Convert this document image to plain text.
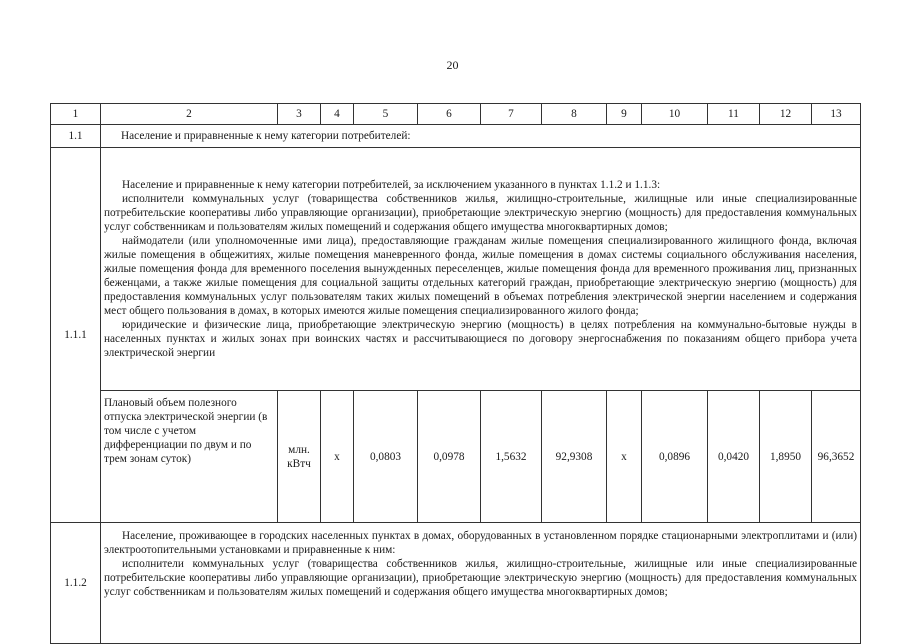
20
1	2	3	4	5	6	7	8	9	10	11	12	13
1.1	Население и приравненные к нему категории потребителей:											
1.1.1	Население и приравненные к нему категории потребителей, за исключением указанного в пунктах 1.1.2 и 1.1.3:

исполнители коммунальных услуг (товарищества собственников жилья, жилищно-строительные, жилищные или иные специализированные потребительские кооперативы либо управляющие организации), приобретающие электрическую энергию (мощность) для предоставления коммунальных услуг собственникам и пользователям жилых помещений и содержания общего имущества многоквартирных домов;

наймодатели (или уполномоченные ими лица), предоставляющие гражданам жилые помещения специализированного жилищного фонда, включая жилые помещения в общежитиях, жилые помещения маневренного фонда, жилые помещения в домах системы социального обслуживания населения, жилые помещения фонда для временного поселения вынужденных переселенцев, жилые помещения фонда для временного проживания лиц, признанных беженцами, а также жилые помещения для социальной защиты отдельных категорий граждан, приобретающие электрическую энергию (мощность) для предоставления коммунальных услуг пользователям таких жилых помещений в объемах потребления электрической энергии населением и содержания мест общего пользования в домах, в которых имеются жилые помещения специализированного жилого фонда;

юридические и физические лица, приобретающие электрическую энергию (мощность) в целях потребления на коммунально-бытовые нужды в населенных пунктах и жилых зонах при воинских частях и рассчитывающиеся по договору энергоснабжения по показаниям общего прибора учета электрической энергии											

	Плановый объем полезного отпуска электрической энергии (в том числе с учетом дифференциации по двум и по трем зонам суток)	млн. кВтч	x	0,0803	0,0978	1,5632	92,9308	x	0,0896	0,0420	1,8950	96,3652
1.1.2	Население, проживающее в городских населенных пунктах в домах, оборудованных в установленном порядке стационарными электроплитами и (или) электроотопительными установками и приравненные к ним:

исполнители коммунальных услуг (товарищества собственников жилья, жилищно-строительные, жилищные или иные специализированные потребительские кооперативы либо управляющие организации), приобретающие электрическую энергию (мощность) для предоставления коммунальных услуг собственникам и пользователям жилых помещений и содержания общего имущества многоквартирных домов;											
